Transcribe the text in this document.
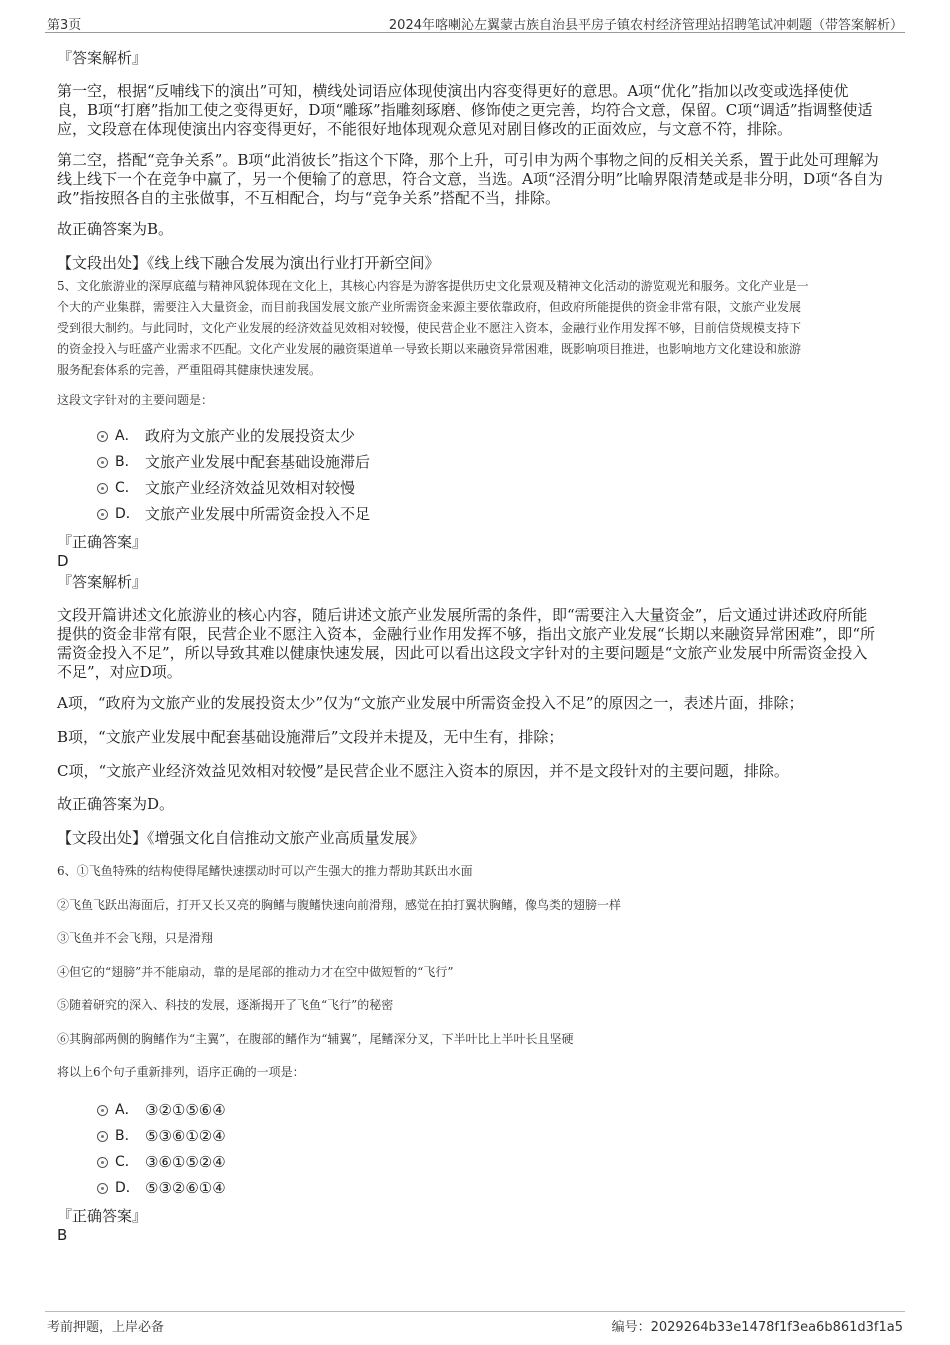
第3页	2024年喀喇沁左翼蒙古族自治县平房子镇农村经济管理站招聘笔试冲刺题（带答案解析）
『答案解析』
第一空，根据“反哺线下的演出”可知，横线处词语应体现使演出内容变得更好的意思。A项“优化”指加以改变或选择使优
良，B项“打磨”指加工使之变得更好，D项“雕琢”指雕刻琢磨、修饰使之更完善，均符合文意，保留。C项“调适”指调整使适
应，文段意在体现使演出内容变得更好，不能很好地体现观众意见对剧目修改的正面效应，与文意不符，排除。
第二空，搭配“竞争关系”。B项“此消彼长”指这个下降，那个上升，可引申为两个事物之间的反相关关系，置于此处可理解为
线上线下一个在竞争中赢了，另一个便输了的意思，符合文意，当选。A项“泾渭分明”比喻界限清楚或是非分明，D项“各自为
政”指按照各自的主张做事，不互相配合，均与“竞争关系”搭配不当，排除。
故正确答案为B。
【文段出处】《线上线下融合发展为演出行业打开新空间》
5、文化旅游业的深厚底蕴与精神风貌体现在文化上，其核心内容是为游客提供历史文化景观及精神文化活动的游览观光和服务。文化产业是一
个大的产业集群，需要注入大量资金，而目前我国发展文旅产业所需资金来源主要依靠政府，但政府所能提供的资金非常有限，文旅产业发展
受到很大制约。与此同时，文化产业发展的经济效益见效相对较慢，使民营企业不愿注入资本，金融行业作用发挥不够，目前信贷规模支持下
的资金投入与旺盛产业需求不匹配。文化产业发展的融资渠道单一导致长期以来融资异常困难，既影响项目推进，也影响地方文化建设和旅游
服务配套体系的完善，严重阻碍其健康快速发展。
这段文字针对的主要问题是：
A． 政府为文旅产业的发展投资太少
B． 文旅产业发展中配套基础设施滞后
C． 文旅产业经济效益见效相对较慢
D． 文旅产业发展中所需资金投入不足
『正确答案』
D
『答案解析』
文段开篇讲述文化旅游业的核心内容，随后讲述文旅产业发展所需的条件，即“需要注入大量资金”，后文通过讲述政府所能
提供的资金非常有限，民营企业不愿注入资本，金融行业作用发挥不够，指出文旅产业发展“长期以来融资异常困难”，即“所
需资金投入不足”，所以导致其难以健康快速发展，因此可以看出这段文字针对的主要问题是“文旅产业发展中所需资金投入
不足”，对应D项。
A项，“政府为文旅产业的发展投资太少”仅为“文旅产业发展中所需资金投入不足”的原因之一，表述片面，排除；
B项，“文旅产业发展中配套基础设施滞后”文段并未提及，无中生有，排除；
C项，“文旅产业经济效益见效相对较慢”是民营企业不愿注入资本的原因，并不是文段针对的主要问题，排除。
故正确答案为D。
【文段出处】《增强文化自信推动文旅产业高质量发展》
6、①飞鱼特殊的结构使得尾鳍快速摆动时可以产生强大的推力帮助其跃出水面
②飞鱼飞跃出海面后，打开又长又亮的胸鳍与腹鳍快速向前滑翔，感觉在拍打翼状胸鳍，像鸟类的翅膀一样
③飞鱼并不会飞翔，只是滑翔
④但它的“翅膀”并不能扇动，靠的是尾部的推动力才在空中做短暂的“飞行”
⑤随着研究的深入、科技的发展，逐渐揭开了飞鱼“飞行”的秘密
⑥其胸部两侧的胸鳍作为“主翼”，在腹部的鳍作为“辅翼”，尾鳍深分叉，下半叶比上半叶长且坚硬
将以上6个句子重新排列，语序正确的一项是：
A． ③②①⑤⑥④
B． ⑤③⑥①②④
C． ③⑥①⑤②④
D． ⑤③②⑥①④
『正确答案』
B
考前押题，上岸必备	编号：2029264b33e1478f1f3ea6b861d3f1a5
